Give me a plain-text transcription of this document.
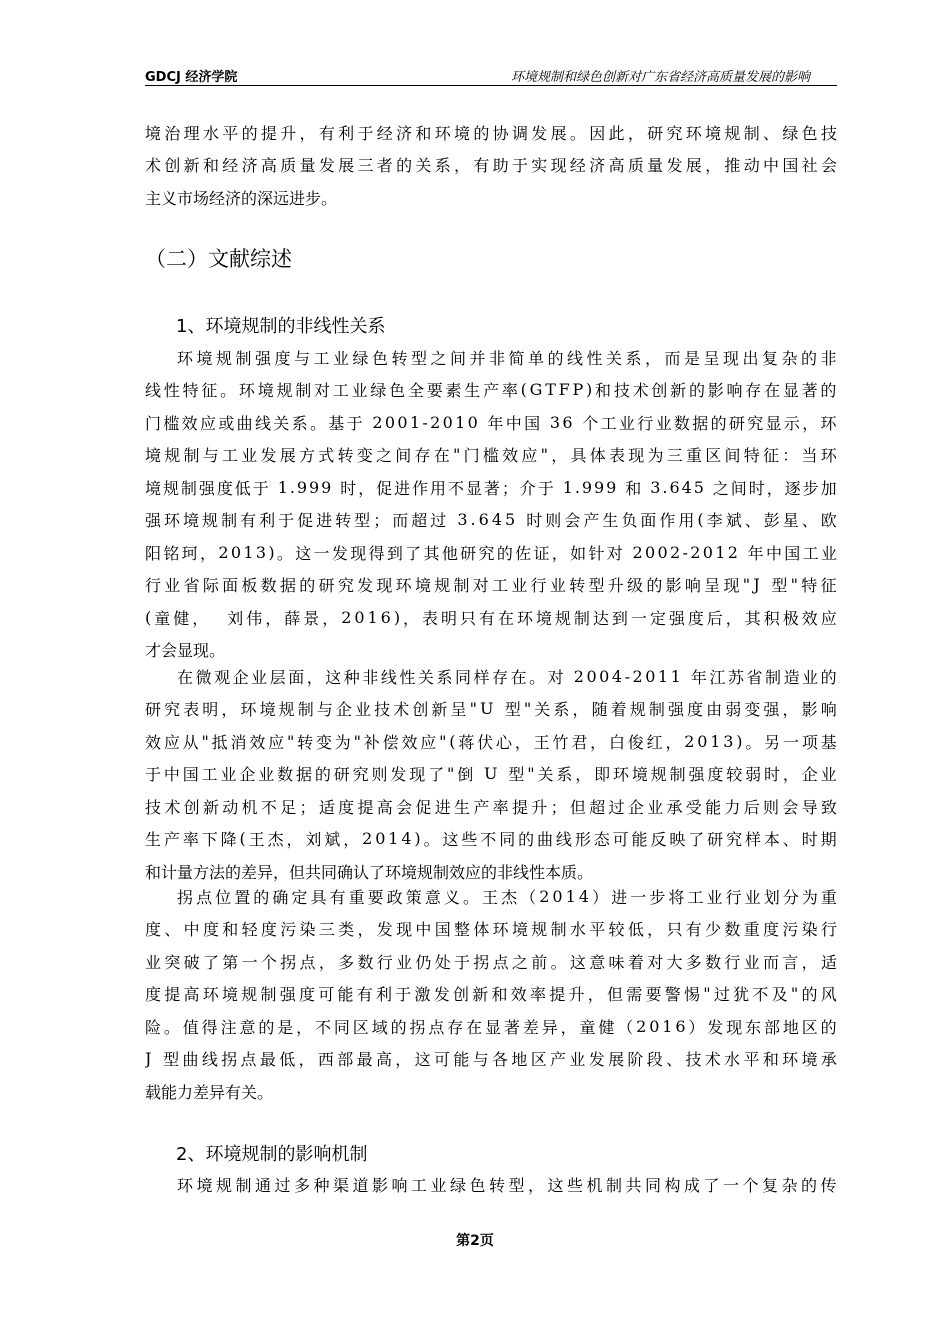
GDCJ 经济学院	环境规制和绿色创新对广东省经济高质量发展的影响
境 治 理 水 平 的 提 升 ， 有 利 于 经 济 和 环 境 的 协 调 发 展 。 因 此 ， 研 究 环 境 规 制 、 绿 色 技
术 创 新 和 经 济 高 质 量 发 展 三 者 的 关 系 ， 有 助 于 实 现 经 济 高 质 量 发 展 ， 推 动 中 国 社 会
主义市场经济的深远进步。
（二）文献综述
1、环境规制的非线性关系
环 境 规 制 强 度 与 工 业 绿 色 转 型 之 间 并 非 简 单 的 线 性 关 系 ， 而 是 呈 现 出 复 杂 的 非
线 性 特 征 。 环 境 规 制 对 工 业 绿 色 全 要 素 生 产 率 ( G T F P ) 和 技 术 创 新 的 影 响 存 在 显 著 的
门 槛 效 应 或 曲 线 关 系 。 基 于
2 0 0 1 - 2 0 1 0
年 中 国
3 6
个 工 业 行 业 数 据 的 研 究 显 示 ， 环
境 规 制 与 工 业 发 展 方 式 转 变 之 间 存 在 " 门 槛 效 应 " ， 具 体 表 现 为 三 重 区 间 特 征 ： 当 环
境 规 制 强 度 低 于
1 . 9 9 9
时 ， 促 进 作 用 不 显 著 ； 介 于
1 . 9 9 9
和
3 . 6 4 5
之 间 时 ， 逐 步 加
强 环 境 规 制 有 利 于 促 进 转 型 ； 而 超 过
3 . 6 4 5
时 则 会 产 生 负 面 作 用 ( 李 斌 、 彭 星 、 欧
阳 铭 珂 ， 2 0 1 3 ) 。 这 一 发 现 得 到 了 其 他 研 究 的 佐 证 ， 如 针 对
2 0 0 2 - 2 0 1 2
年 中 国 工 业
行 业 省 际 面 板 数 据 的 研 究 发 现 环 境 规 制 对 工 业 行 业 转 型 升 级 的 影 响 呈 现 " J
型 " 特 征
( 童 健 ，

刘 伟 ， 薛 景 ， 2 0 1 6 ) ， 表 明 只 有 在 环 境 规 制 达 到 一 定 强 度 后 ， 其 积 极 效 应
才会显现。
在 微 观 企 业 层 面 ， 这 种 非 线 性 关 系 同 样 存 在 。 对
2 0 0 4 - 2 0 1 1
年 江 苏 省 制 造 业 的
研 究 表 明 ， 环 境 规 制 与 企 业 技 术 创 新 呈 " U
型 " 关 系 ， 随 着 规 制 强 度 由 弱 变 强 ， 影 响
效 应 从 " 抵 消 效 应 " 转 变 为 " 补 偿 效 应 " ( 蒋 伏 心 ， 王 竹 君 ， 白 俊 红 ， 2 0 1 3 ) 。 另 一 项 基
于 中 国 工 业 企 业 数 据 的 研 究 则 发 现 了 " 倒
U
型 " 关 系 ， 即 环 境 规 制 强 度 较 弱 时 ， 企 业
技 术 创 新 动 机 不 足 ； 适 度 提 高 会 促 进 生 产 率 提 升 ； 但 超 过 企 业 承 受 能 力 后 则 会 导 致
生 产 率 下 降 ( 王 杰 ， 刘 斌 ， 2 0 1 4 ) 。 这 些 不 同 的 曲 线 形 态 可 能 反 映 了 研 究 样 本 、 时 期
和计量方法的差异，但共同确认了环境规制效应的非线性本质。
拐 点 位 置 的 确 定 具 有 重 要 政 策 意 义 。 王 杰 （ 2 0 1 4 ） 进 一 步 将 工 业 行 业 划 分 为 重
度 、 中 度 和 轻 度 污 染 三 类 ， 发 现 中 国 整 体 环 境 规 制 水 平 较 低 ， 只 有 少 数 重 度 污 染 行
业 突 破 了 第 一 个 拐 点 ， 多 数 行 业 仍 处 于 拐 点 之 前 。 这 意 味 着 对 大 多 数 行 业 而 言 ， 适
度 提 高 环 境 规 制 强 度 可 能 有 利 于 激 发 创 新 和 效 率 提 升 ， 但 需 要 警 惕 " 过 犹 不 及 " 的 风
险 。 值 得 注 意 的 是 ， 不 同 区 域 的 拐 点 存 在 显 著 差 异 ， 童 健 （ 2 0 1 6 ） 发 现 东 部 地 区 的
J
型 曲 线 拐 点 最 低 ， 西 部 最 高 ， 这 可 能 与 各 地 区 产 业 发 展 阶 段 、 技 术 水 平 和 环 境 承
载能力差异有关。
2、环境规制的影响机制
环 境 规 制 通 过 多 种 渠 道 影 响 工 业 绿 色 转 型 ， 这 些 机 制 共 同 构 成 了 一 个 复 杂 的 传
第2页
